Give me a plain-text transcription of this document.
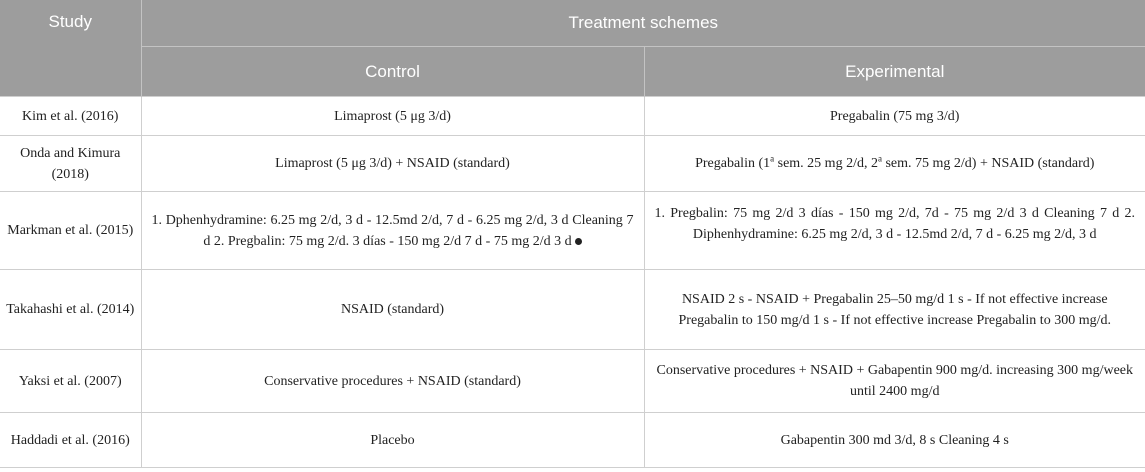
Study	Treatment schemes	
	Control	Experimental
Kim et al. (2016)	Limaprost (5 μg 3/d)	Pregabalin (75 mg 3/d)
Onda and Kimura (2018)	Limaprost (5 μg 3/d) + NSAID (standard)	Pregabalin (1$^a$ sem. 25 mg 2/d, 2$^a$ sem. 75 mg 2/d) + NSAID (standard)
Markman et al. (2015)	1. Dphenhydramine: 6.25 mg 2/d, 3 d - 12.5md 2/d, 7 d - 6.25 mg 2/d, 3 d Cleaning 7 d 2. Pregbalin: 75 mg 2/d. 3 días - 150 mg 2/d 7 d - 75 mg 2/d 3 d	1. Pregbalin: 75 mg 2/d 3 días - 150 mg 2/d, 7d - 75 mg 2/d 3 d Cleaning 7 d 2. Diphenhydramine: 6.25 mg 2/d, 3 d - 12.5md 2/d, 7 d - 6.25 mg 2/d, 3 d
Takahashi et al. (2014)	NSAID (standard)	NSAID 2 s - NSAID + Pregabalin 25–50 mg/d 1 s - If not effective increase Pregabalin to 150 mg/d 1 s - If not effective increase Pregabalin to 300 mg/d.
Yaksi et al. (2007)	Conservative procedures + NSAID (standard)	Conservative procedures + NSAID + Gabapentin 900 mg/d. increasing 300 mg/week until 2400 mg/d
Haddadi et al. (2016)	Placebo	Gabapentin 300 md 3/d, 8 s Cleaning 4 s
